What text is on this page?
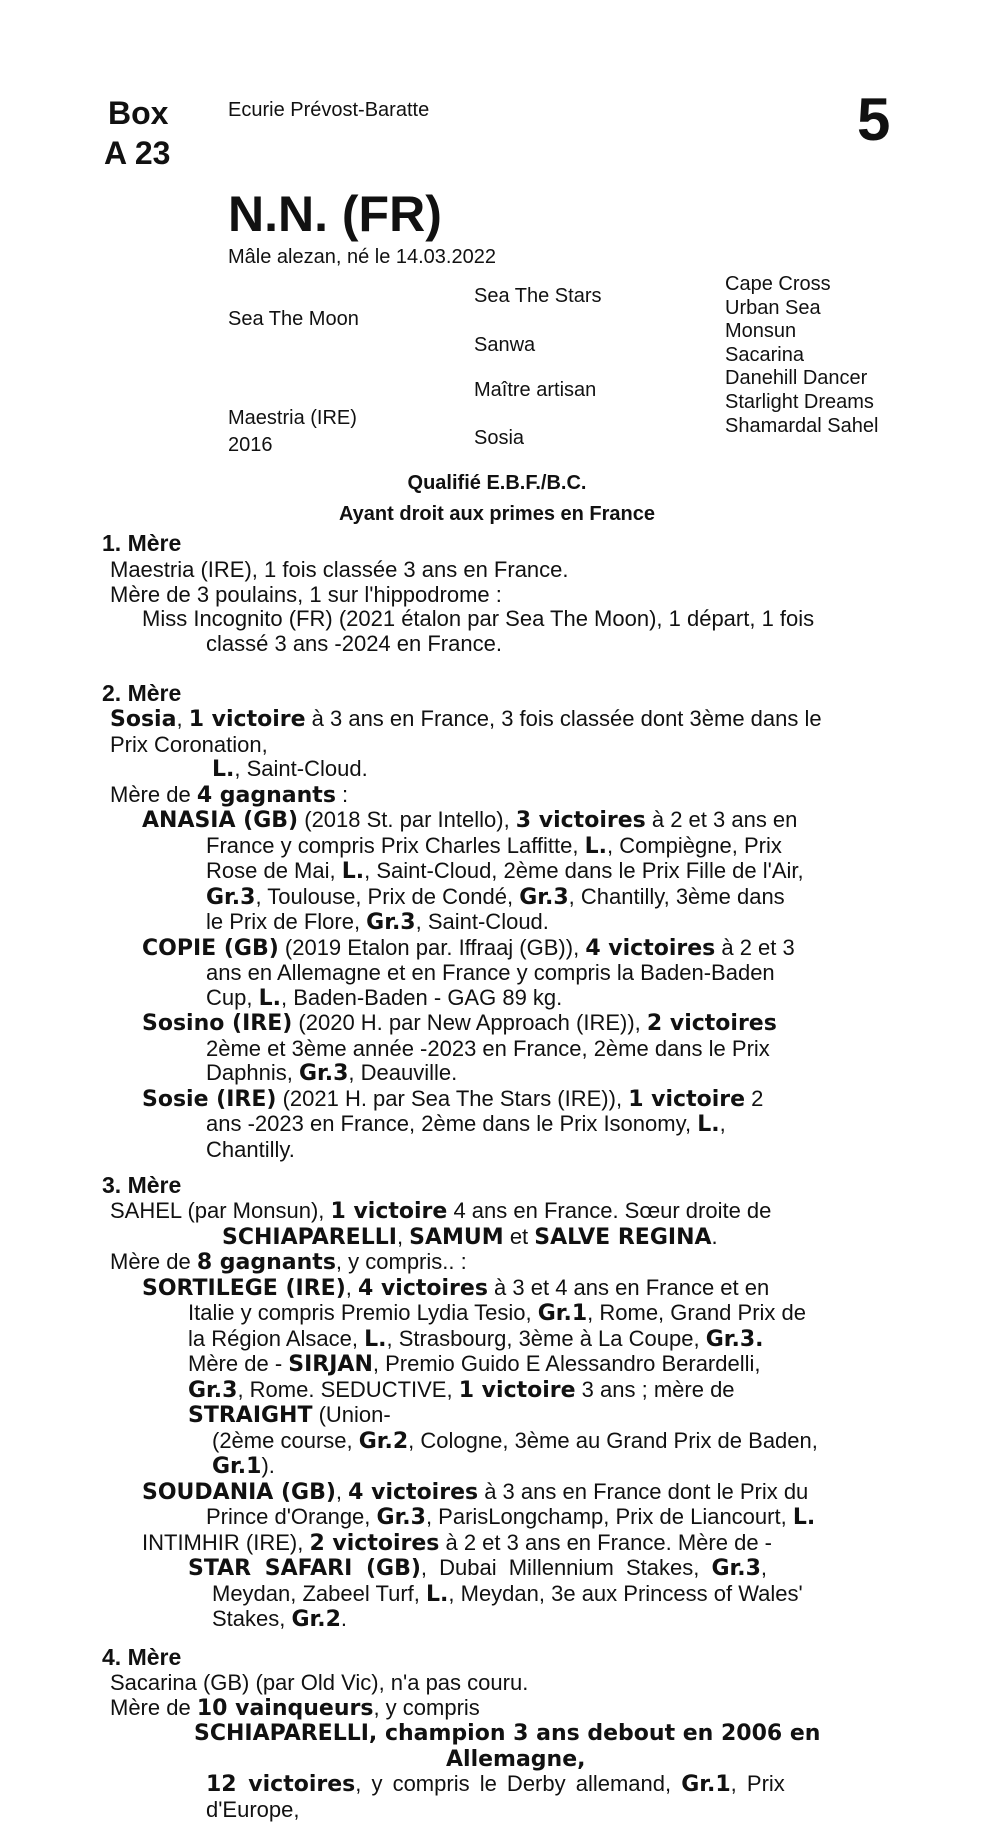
Box
A 23
Ecurie Prévost-Baratte	5
N.N. (FR)
Mâle alezan, né le 14.03.2022
Sea The Moon
Maestria (IRE)
2016
Sea The Stars
Sanwa
Maître artisan
Sosia
Cape Cross
Urban Sea
Monsun
Sacarina
Danehill Dancer
Starlight Dreams
Shamardal Sahel
Qualifié E.B.F./B.C.
Ayant droit aux primes en France
1. Mère

Maestria (IRE), 1 fois classée 3 ans en France.

Mère de 3 poulains, 1 sur l'hippodrome :

Miss Incognito (FR) (2021 étalon par Sea The Moon), 1 départ, 1 fois

classé 3 ans -2024 en France.

2. Mère

Sosia, 1 victoire à 3 ans en France, 3 fois classée dont 3ème dans le

Prix Coronation,

L., Saint-Cloud.

Mère de 4 gagnants :

ANASIA (GB) (2018 St. par Intello), 3 victoires à 2 et 3 ans en

France y compris Prix Charles Laffitte, L., Compiègne, Prix

Rose de Mai, L., Saint-Cloud, 2ème dans le Prix Fille de l'Air,

Gr.3, Toulouse, Prix de Condé, Gr.3, Chantilly, 3ème dans

le Prix de Flore, Gr.3, Saint-Cloud.

COPIE (GB) (2019 Etalon par. Iffraaj (GB)), 4 victoires à 2 et 3

ans en Allemagne et en France y compris la Baden-Baden

Cup, L., Baden-Baden - GAG 89 kg.

Sosino (IRE) (2020 H. par New Approach (IRE)), 2 victoires

2ème et 3ème année -2023 en France, 2ème dans le Prix

Daphnis, Gr.3, Deauville.

Sosie (IRE) (2021 H. par Sea The Stars (IRE)), 1 victoire 2

ans -2023 en France, 2ème dans le Prix Isonomy, L.,

Chantilly.

3. Mère

SAHEL (par Monsun), 1 victoire 4 ans en France. Sœur droite de

SCHIAPARELLI, SAMUM et SALVE REGINA.

Mère de 8 gagnants, y compris.. :

SORTILEGE (IRE), 4 victoires à 3 et 4 ans en France et en

Italie y compris Premio Lydia Tesio, Gr.1, Rome, Grand Prix de

la Région Alsace, L., Strasbourg, 3ème à La Coupe, Gr.3.

Mère de - SIRJAN, Premio Guido E Alessandro Berardelli,

Gr.3, Rome. SEDUCTIVE, 1 victoire 3 ans ; mère de

STRAIGHT (Union-

(2ème course, Gr.2, Cologne, 3ème au Grand Prix de Baden,

Gr.1).

SOUDANIA (GB), 4 victoires à 3 ans en France dont le Prix du

Prince d'Orange, Gr.3, ParisLongchamp, Prix de Liancourt, L.

INTIMHIR (IRE), 2 victoires à 2 et 3 ans en France. Mère de -

STAR SAFARI (GB), Dubai Millennium Stakes, Gr.3,

Meydan, Zabeel Turf, L., Meydan, 3e aux Princess of Wales'

Stakes, Gr.2.

4. Mère

Sacarina (GB) (par Old Vic), n'a pas couru.

Mère de 10 vainqueurs, y compris

SCHIAPARELLI, champion 3 ans debout en 2006 en

Allemagne,

12 victoires, y compris le Derby allemand, Gr.1, Prix

d'Europe,
